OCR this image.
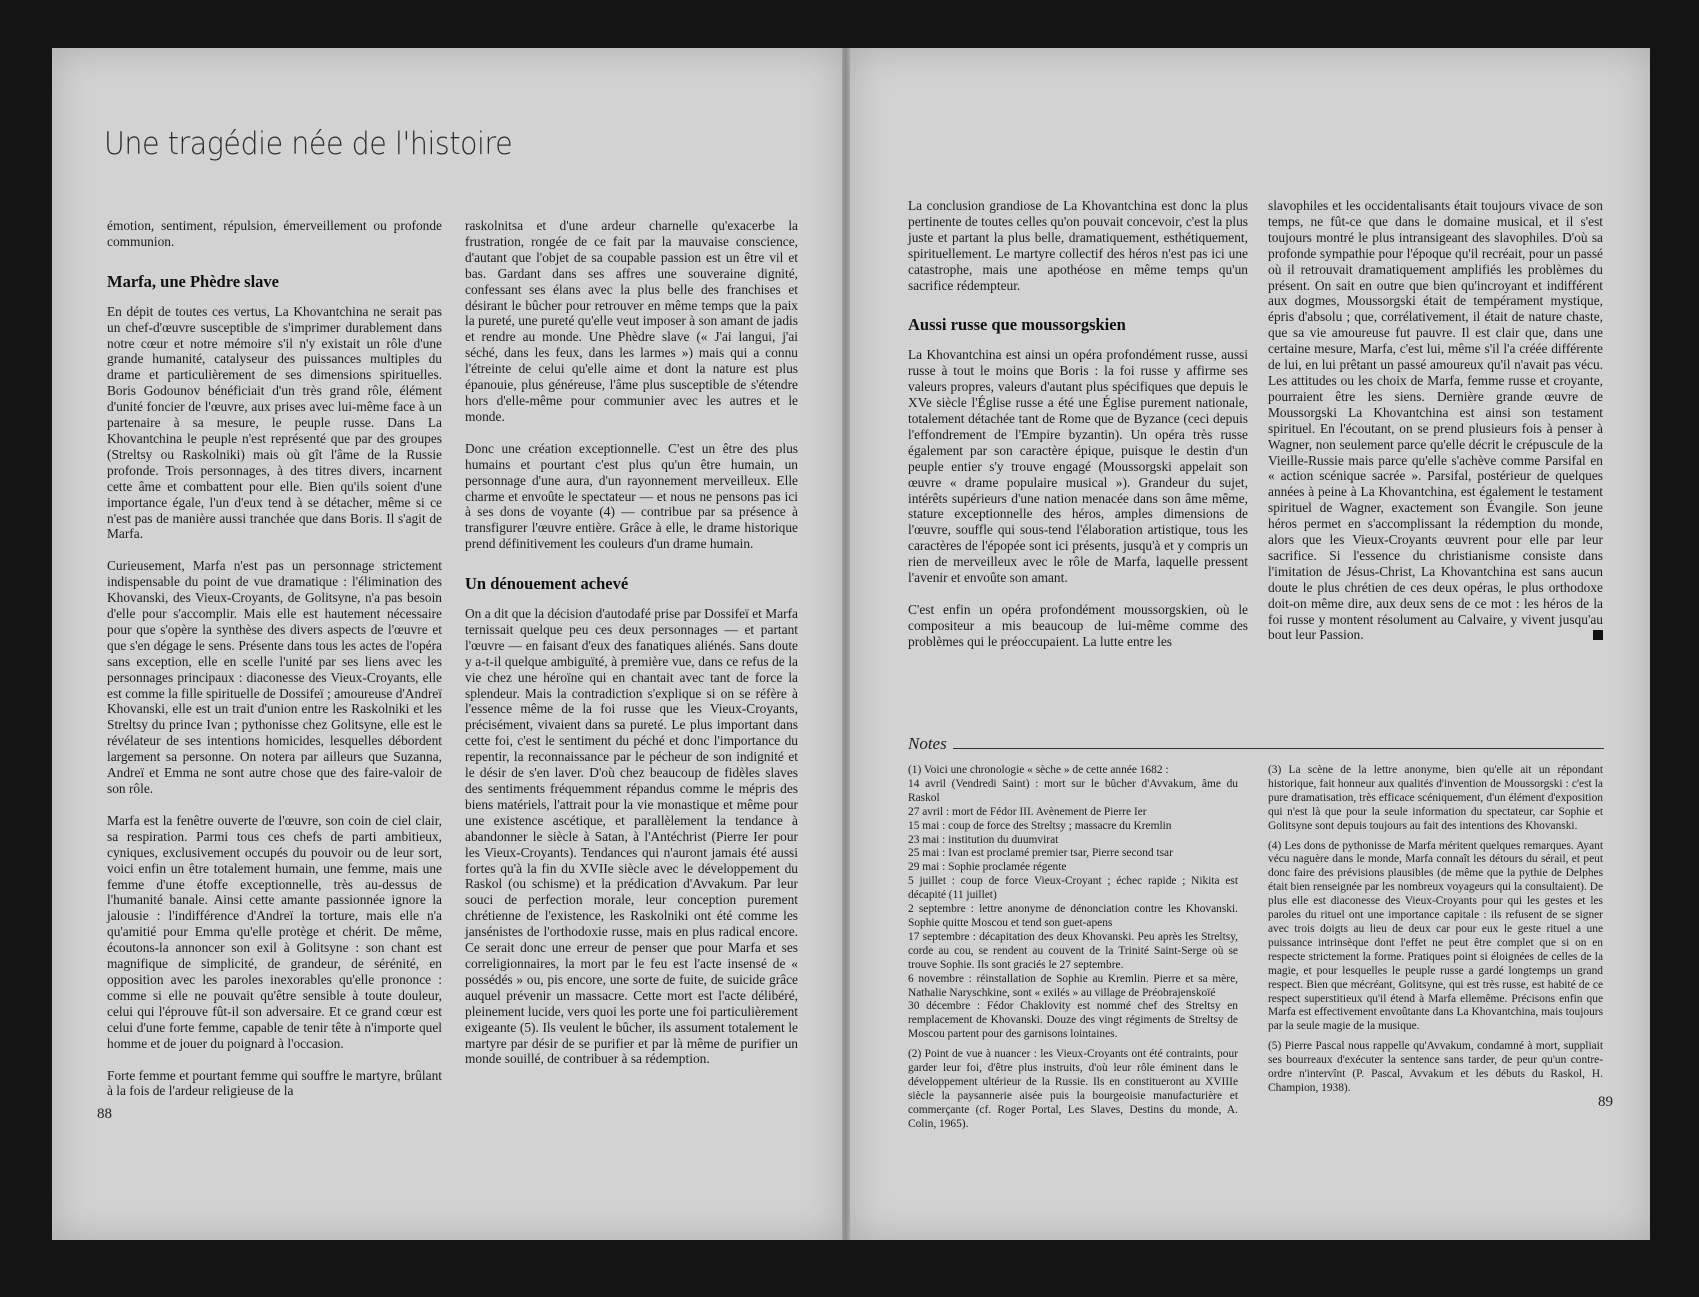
Une tragédie née de l'histoire

émotion, sentiment, répulsion, émerveillement ou profonde communion.

Marfa, une Phèdre slave

En dépit de toutes ces vertus, La Khovantchina ne serait pas un chef-d'œuvre susceptible de s'imprimer durablement dans notre cœur et notre mémoire s'il n'y existait un rôle d'une grande humanité, catalyseur des puissances multiples du drame et particulièrement de ses dimensions spirituelles. Boris Godounov bénéficiait d'un très grand rôle, élément d'unité foncier de l'œuvre, aux prises avec lui-même face à un partenaire à sa mesure, le peuple russe. Dans La Khovantchina le peuple n'est représenté que par des groupes (Streltsy ou Raskolniki) mais où gît l'âme de la Russie profonde. Trois personnages, à des titres divers, incarnent cette âme et combattent pour elle. Bien qu'ils soient d'une importance égale, l'un d'eux tend à se détacher, même si ce n'est pas de manière aussi tranchée que dans Boris. Il s'agit de Marfa.

Curieusement, Marfa n'est pas un personnage strictement indispensable du point de vue dramatique : l'élimination des Khovanski, des Vieux-Croyants, de Golitsyne, n'a pas besoin d'elle pour s'accomplir. Mais elle est hautement nécessaire pour que s'opère la synthèse des divers aspects de l'œuvre et que s'en dégage le sens. Présente dans tous les actes de l'opéra sans exception, elle en scelle l'unité par ses liens avec les personnages principaux : diaconesse des Vieux-Croyants, elle est comme la fille spirituelle de Dossifeï ; amoureuse d'Andreï Khovanski, elle est un trait d'union entre les Raskolniki et les Streltsy du prince Ivan ; pythonisse chez Golitsyne, elle est le révélateur de ses intentions homicides, lesquelles débordent largement sa personne. On notera par ailleurs que Suzanna, Andreï et Emma ne sont autre chose que des faire-valoir de son rôle.

Marfa est la fenêtre ouverte de l'œuvre, son coin de ciel clair, sa respiration. Parmi tous ces chefs de parti ambitieux, cyniques, exclusivement occupés du pouvoir ou de leur sort, voici enfin un être totalement humain, une femme, mais une femme d'une étoffe exceptionnelle, très au-dessus de l'humanité banale. Ainsi cette amante passionnée ignore la jalousie : l'indifférence d'Andreï la torture, mais elle n'a qu'amitié pour Emma qu'elle protège et chérit. De même, écoutons-la annoncer son exil à Golitsyne : son chant est magnifique de simplicité, de grandeur, de sérénité, en opposition avec les paroles inexorables qu'elle prononce : comme si elle ne pouvait qu'être sensible à toute douleur, celui qui l'éprouve fût-il son adversaire. Et ce grand cœur est celui d'une forte femme, capable de tenir tête à n'importe quel homme et de jouer du poignard à l'occasion.

Forte femme et pourtant femme qui souffre le martyre, brûlant à la fois de l'ardeur religieuse de la

raskolnitsa et d'une ardeur charnelle qu'exacerbe la frustration, rongée de ce fait par la mauvaise conscience, d'autant que l'objet de sa coupable passion est un être vil et bas. Gardant dans ses affres une souveraine dignité, confessant ses élans avec la plus belle des franchises et désirant le bûcher pour retrouver en même temps que la paix la pureté, une pureté qu'elle veut imposer à son amant de jadis et rendre au monde. Une Phèdre slave (« J'ai langui, j'ai séché, dans les feux, dans les larmes ») mais qui a connu l'étreinte de celui qu'elle aime et dont la nature est plus épanouie, plus généreuse, l'âme plus susceptible de s'étendre hors d'elle-même pour communier avec les autres et le monde.

Donc une création exceptionnelle. C'est un être des plus humains et pourtant c'est plus qu'un être humain, un personnage d'une aura, d'un rayonnement merveilleux. Elle charme et envoûte le spectateur — et nous ne pensons pas ici à ses dons de voyante (4) — contribue par sa présence à transfigurer l'œuvre entière. Grâce à elle, le drame historique prend définitivement les couleurs d'un drame humain.

Un dénouement achevé

On a dit que la décision d'autodafé prise par Dossifeï et Marfa ternissait quelque peu ces deux personnages — et partant l'œuvre — en faisant d'eux des fanatiques aliénés. Sans doute y a-t-il quelque ambiguïté, à première vue, dans ce refus de la vie chez une héroïne qui en chantait avec tant de force la splendeur. Mais la contradiction s'explique si on se réfère à l'essence même de la foi russe que les Vieux-Croyants, précisément, vivaient dans sa pureté. Le plus important dans cette foi, c'est le sentiment du péché et donc l'importance du repentir, la reconnaissance par le pécheur de son indignité et le désir de s'en laver. D'où chez beaucoup de fidèles slaves des sentiments fréquemment répandus comme le mépris des biens matériels, l'attrait pour la vie monastique et même pour une existence ascétique, et parallèlement la tendance à abandonner le siècle à Satan, à l'Antéchrist (Pierre Ier pour les Vieux-Croyants). Tendances qui n'auront jamais été aussi fortes qu'à la fin du XVIIe siècle avec le développement du Raskol (ou schisme) et la prédication d'Avvakum. Par leur souci de perfection morale, leur conception purement chrétienne de l'existence, les Raskolniki ont été comme les jansénistes de l'orthodoxie russe, mais en plus radical encore. Ce serait donc une erreur de penser que pour Marfa et ses correligionnaires, la mort par le feu est l'acte insensé de « possédés » ou, pis encore, une sorte de fuite, de suicide grâce auquel prévenir un massacre. Cette mort est l'acte délibéré, pleinement lucide, vers quoi les porte une foi particulièrement exigeante (5). Ils veulent le bûcher, ils assument totalement le martyre par désir de se purifier et par là même de purifier un monde souillé, de contribuer à sa rédemption.

88

La conclusion grandiose de La Khovantchina est donc la plus pertinente de toutes celles qu'on pouvait concevoir, c'est la plus juste et partant la plus belle, dramatiquement, esthétiquement, spirituellement. Le martyre collectif des héros n'est pas ici une catastrophe, mais une apothéose en même temps qu'un sacrifice rédempteur.

Aussi russe que moussorgskien

La Khovantchina est ainsi un opéra profondément russe, aussi russe à tout le moins que Boris : la foi russe y affirme ses valeurs propres, valeurs d'autant plus spécifiques que depuis le XVe siècle l'Église russe a été une Église purement nationale, totalement détachée tant de Rome que de Byzance (ceci depuis l'effondrement de l'Empire byzantin). Un opéra très russe également par son caractère épique, puisque le destin d'un peuple entier s'y trouve engagé (Moussorgski appelait son œuvre « drame populaire musical »). Grandeur du sujet, intérêts supérieurs d'une nation menacée dans son âme même, stature exceptionnelle des héros, amples dimensions de l'œuvre, souffle qui sous-tend l'élaboration artistique, tous les caractères de l'épopée sont ici présents, jusqu'à et y compris un rien de merveilleux avec le rôle de Marfa, laquelle pressent l'avenir et envoûte son amant.

C'est enfin un opéra profondément moussorgskien, où le compositeur a mis beaucoup de lui-même comme des problèmes qui le préoccupaient. La lutte entre les

slavophiles et les occidentalisants était toujours vivace de son temps, ne fût-ce que dans le domaine musical, et il s'est toujours montré le plus intransigeant des slavophiles. D'où sa profonde sympathie pour l'époque qu'il recréait, pour un passé où il retrouvait dramatiquement amplifiés les problèmes du présent. On sait en outre que bien qu'incroyant et indifférent aux dogmes, Moussorgski était de tempérament mystique, épris d'absolu ; que, corrélativement, il était de nature chaste, que sa vie amoureuse fut pauvre. Il est clair que, dans une certaine mesure, Marfa, c'est lui, même s'il l'a créée différente de lui, en lui prêtant un passé amoureux qu'il n'avait pas vécu. Les attitudes ou les choix de Marfa, femme russe et croyante, pourraient être les siens. Dernière grande œuvre de Moussorgski La Khovantchina est ainsi son testament spirituel. En l'écoutant, on se prend plusieurs fois à penser à Wagner, non seulement parce qu'elle décrit le crépuscule de la Vieille-Russie mais parce qu'elle s'achève comme Parsifal en « action scénique sacrée ». Parsifal, postérieur de quelques années à peine à La Khovantchina, est également le testament spirituel de Wagner, exactement son Évangile. Son jeune héros permet en s'accomplissant la rédemption du monde, alors que les Vieux-Croyants œuvrent pour elle par leur sacrifice. Si l'essence du christianisme consiste dans l'imitation de Jésus-Christ, La Khovantchina est sans aucun doute le plus chrétien de ces deux opéras, le plus orthodoxe doit-on même dire, aux deux sens de ce mot : les héros de la foi russe y montent résolument au Calvaire, y vivent jusqu'au bout leur Passion.

Notes

(1) Voici une chronologie « sèche » de cette année 1682 :
14 avril (Vendredi Saint) : mort sur le bûcher d'Avvakum, âme du Raskol
27 avril : mort de Fédor III. Avènement de Pierre Ier
15 mai : coup de force des Streltsy ; massacre du Kremlin
23 mai : institution du duumvirat
25 mai : Ivan est proclamé premier tsar, Pierre second tsar
29 mai : Sophie proclamée régente
5 juillet : coup de force Vieux-Croyant ; échec rapide ; Nikita est décapité (11 juillet)
2 septembre : lettre anonyme de dénonciation contre les Khovanski. Sophie quitte Moscou et tend son guet-apens
17 septembre : décapitation des deux Khovanski. Peu après les Streltsy, corde au cou, se rendent au couvent de la Trinité Saint-Serge où se trouve Sophie. Ils sont graciés le 27 septembre.
6 novembre : réinstallation de Sophie au Kremlin. Pierre et sa mère, Nathalie Naryschkine, sont « exilés » au village de Préobrajenskoïé
30 décembre : Fédor Chaklovity est nommé chef des Streltsy en remplacement de Khovanski. Douze des vingt régiments de Streltsy de Moscou partent pour des garnisons lointaines.

(2) Point de vue à nuancer : les Vieux-Croyants ont été contraints, pour garder leur foi, d'être plus instruits, d'où leur rôle éminent dans le développement ultérieur de la Russie. Ils en constitueront au XVIIIe siècle la paysannerie aisée puis la bourgeoisie manufacturière et commerçante (cf. Roger Portal, Les Slaves, Destins du monde, A. Colin, 1965).

(3) La scène de la lettre anonyme, bien qu'elle ait un répondant historique, fait honneur aux qualités d'invention de Moussorgski : c'est la pure dramatisation, très efficace scéniquement, d'un élément d'exposition qui n'est là que pour la seule information du spectateur, car Sophie et Golitsyne sont depuis toujours au fait des intentions des Khovanski.

(4) Les dons de pythonisse de Marfa méritent quelques remarques. Ayant vécu naguère dans le monde, Marfa connaît les détours du sérail, et peut donc faire des prévisions plausibles (de même que la pythie de Delphes était bien renseignée par les nombreux voyageurs qui la consultaient). De plus elle est diaconesse des Vieux-Croyants pour qui les gestes et les paroles du rituel ont une importance capitale : ils refusent de se signer avec trois doigts au lieu de deux car pour eux le geste rituel a une puissance intrinsèque dont l'effet ne peut être complet que si on en respecte strictement la forme. Pratiques point si éloignées de celles de la magie, et pour lesquelles le peuple russe a gardé longtemps un grand respect. Bien que mécréant, Golitsyne, qui est très russe, est habité de ce respect superstitieux qu'il étend à Marfa ellemême. Précisons enfin que Marfa est effectivement envoûtante dans La Khovantchina, mais toujours par la seule magie de la musique.

(5) Pierre Pascal nous rappelle qu'Avvakum, condamné à mort, suppliait ses bourreaux d'exécuter la sentence sans tarder, de peur qu'un contre-ordre n'intervînt (P. Pascal, Avvakum et les débuts du Raskol, H. Champion, 1938).

89
